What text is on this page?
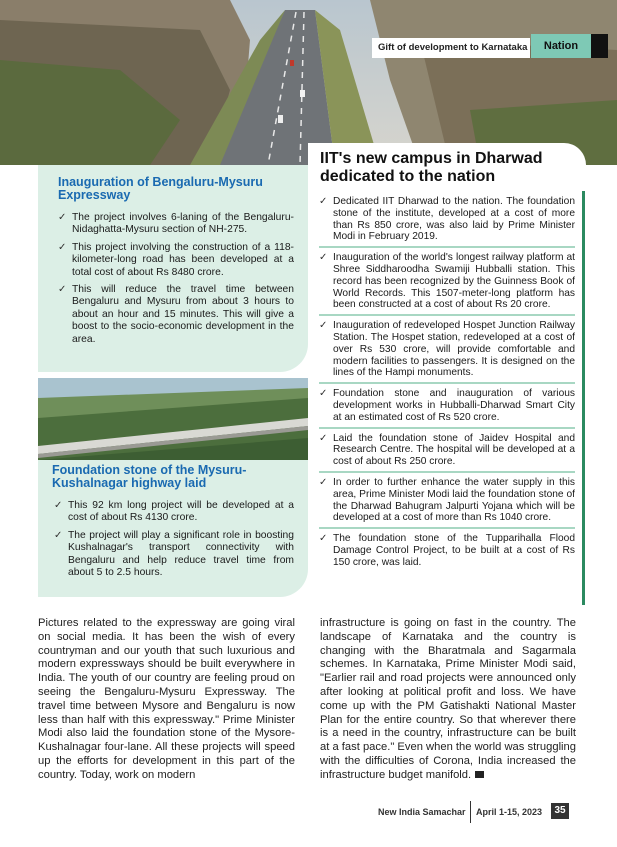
Gift of development to Karnataka	Nation
Inauguration of Bengaluru-Mysuru Expressway
✓ The project involves 6-laning of the Bengaluru-Nidaghatta-Mysuru section of NH-275.
✓ This project involving the construction of a 118-kilometer-long road has been developed at a total cost of about Rs 8480 crore.
✓ This will reduce the travel time between Bengaluru and Mysuru from about 3 hours to about an hour and 15 minutes. This will give a boost to the socio-economic development in the area.
Foundation stone of the Mysuru-Kushalnagar highway laid
✓ This 92 km long project will be developed at a cost of about Rs 4130 crore.
✓ The project will play a significant role in boosting Kushalnagar's transport connectivity with Bengaluru and help reduce travel time from about 5 to 2.5 hours.
IIT's new campus in Dharwad dedicated to the nation
✓ Dedicated IIT Dharwad to the nation. The foundation stone of the institute, developed at a cost of more than Rs 850 crore, was also laid by Prime Minister Modi in February 2019.
✓ Inauguration of the world's longest railway platform at Shree Siddharoodha Swamiji Hubballi station. This record has been recognized by the Guinness Book of World Records. This 1507-meter-long platform has been constructed at a cost of about Rs 20 crore.
✓ Inauguration of redeveloped Hospet Junction Railway Station. The Hospet station, redeveloped at a cost of over Rs 530 crore, will provide comfortable and modern facilities to passengers. It is designed on the lines of the Hampi monuments.
✓ Foundation stone and inauguration of various development works in Hubballi-Dharwad Smart City at an estimated cost of Rs 520 crore.
✓ Laid the foundation stone of Jaidev Hospital and Research Centre. The hospital will be developed at a cost of about Rs 250 crore.
✓ In order to further enhance the water supply in this area, Prime Minister Modi laid the foundation stone of the Dharwad Bahugram Jalpurti Yojana which will be developed at a cost of more than Rs 1040 crore.
✓ The foundation stone of the Tupparihalla Flood Damage Control Project, to be built at a cost of Rs 150 crore, was laid.
Pictures related to the expressway are going viral on social media. It has been the wish of every countryman and our youth that such luxurious and modern expressways should be built everywhere in India. The youth of our country are feeling proud on seeing the Bengaluru-Mysuru Expressway. The travel time between Mysore and Bengaluru is now less than half with this expressway." Prime Minister Modi also laid the foundation stone of the Mysore-Kushalnagar four-lane. All these projects will speed up the efforts for development in this part of the country. Today, work on modern
infrastructure is going on fast in the country. The landscape of Karnataka and the country is changing with the Bharatmala and Sagarmala schemes. In Karnataka, Prime Minister Modi said, "Earlier rail and road projects were announced only after looking at political profit and loss. We have come up with the PM Gatishakti National Master Plan for the entire country. So that wherever there is a need in the country, infrastructure can be built at a fast pace." Even when the world was struggling with the difficulties of Corona, India increased the infrastructure budget manifold.
New India Samachar April 1-15, 2023	35
